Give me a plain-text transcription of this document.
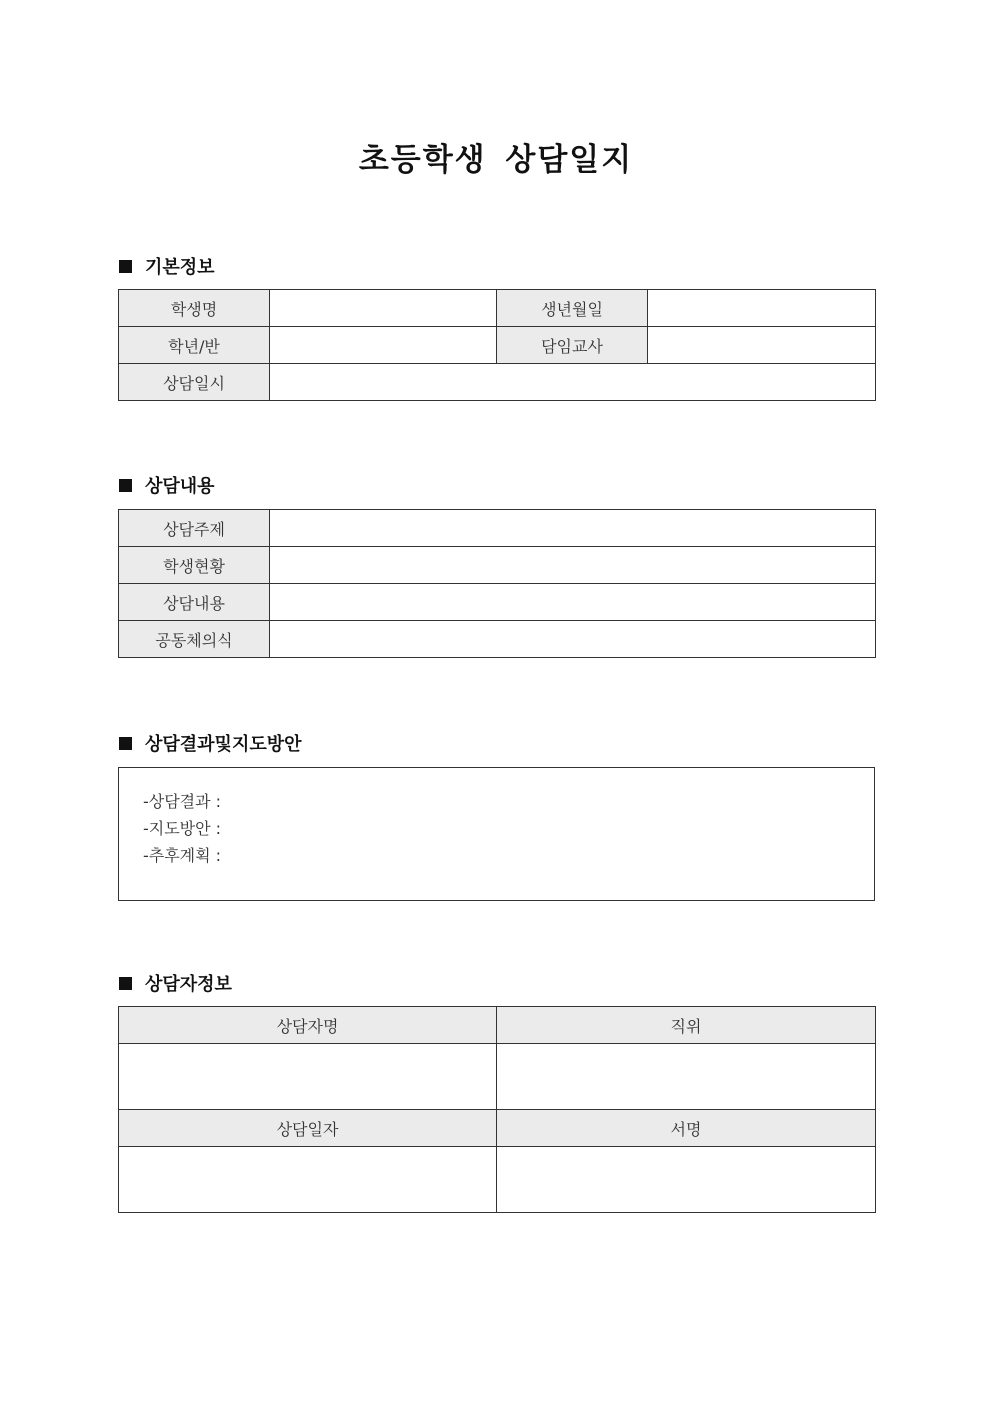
초등학생 상담일지
기본정보
학생명		생년월일	
학년/반		담임교사	
상담일시			
상담내용
상담주제	
학생현황	
상담내용	
공동체의식	
상담결과및지도방안
-상담결과 :
-지도방안 :
-추후계획 :
상담자정보
상담자명	직위

상담일자	서명
